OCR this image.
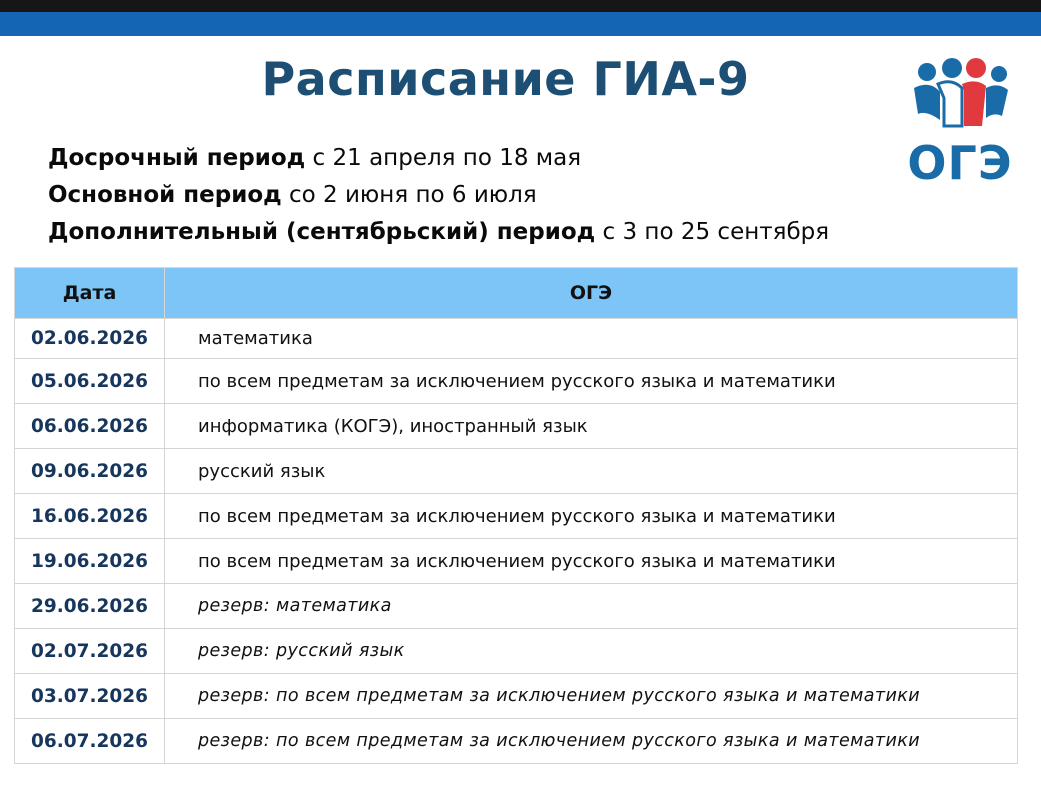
Расписание ГИА-9
ОГЭ
Досрочный период с 21 апреля по 18 мая
Основной период со 2 июня по 6 июля
Дополнительный (сентябрьский) период с 3 по 25 сентября
Дата	ОГЭ
02.06.2026	математика
05.06.2026	по всем предметам за исключением русского языка и математики
06.06.2026	информатика (КОГЭ), иностранный язык
09.06.2026	русский язык
16.06.2026	по всем предметам за исключением русского языка и математики
19.06.2026	по всем предметам за исключением русского языка и математики
29.06.2026	резерв: математика
02.07.2026	резерв: русский язык
03.07.2026	резерв: по всем предметам за исключением русского языка и математики
06.07.2026	резерв: по всем предметам за исключением русского языка и математики
